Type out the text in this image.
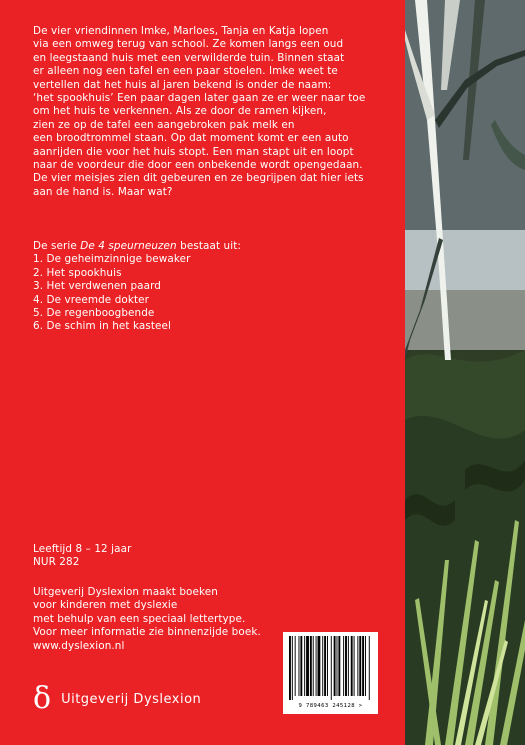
De vier vriendinnen Imke, Marloes, Tanja en Katja lopen
via een omweg terug van school. Ze komen langs een oud
en leegstaand huis met een verwilderde tuin. Binnen staat
er alleen nog een tafel en een paar stoelen. Imke weet te
vertellen dat het huis al jaren bekend is onder de naam:
‘het spookhuis’ Een paar dagen later gaan ze er weer naar toe
om het huis te verkennen. Als ze door de ramen kijken,
zien ze op de tafel een aangebroken pak melk en
een broodtrommel staan. Op dat moment komt er een auto
aanrijden die voor het huis stopt. Een man stapt uit en loopt
naar de voordeur die door een onbekende wordt opengedaan.
De vier meisjes zien dit gebeuren en ze begrijpen dat hier iets
aan de hand is. Maar wat?
De serie De 4 speurneuzen bestaat uit:
1. De geheimzinnige bewaker
2. Het spookhuis
3. Het verdwenen paard
4. De vreemde dokter
5. De regenboogbende
6. De schim in het kasteel
Leeftijd 8 – 12 jaar
NUR 282
Uitgeverij Dyslexion maakt boeken
voor kinderen met dyslexie
met behulp van een speciaal lettertype.
Voor meer informatie zie binnenzijde boek.
www.dyslexion.nl
δ Uitgeverij Dyslexion	9 789463 245128 >
